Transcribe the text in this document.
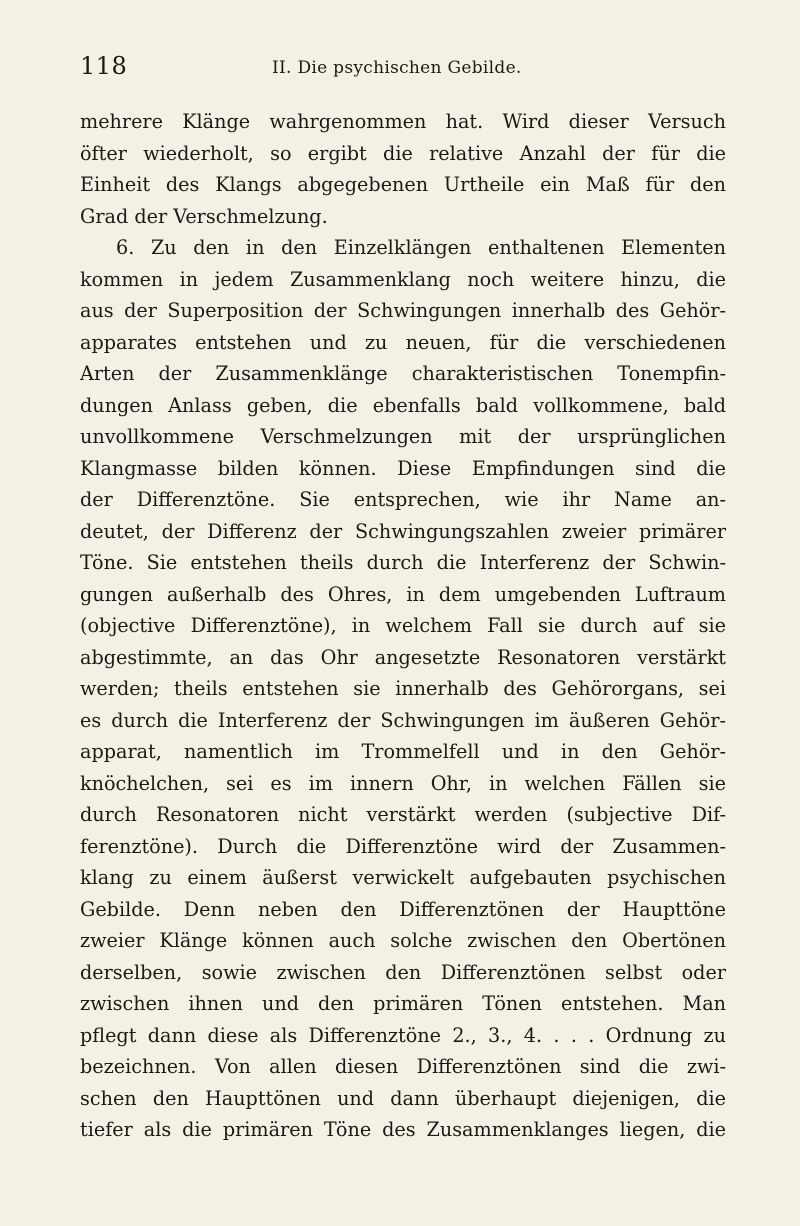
118	II. Die psychischen Gebilde.
mehrere Klänge wahrgenommen hat. Wird dieser Versuch
öfter wiederholt, so ergibt die relative Anzahl der für die
Einheit des Klangs abgegebenen Urtheile ein Maß für den
Grad der Verschmelzung.
6. Zu den in den Einzelklängen enthaltenen Elementen
kommen in jedem Zusammenklang noch weitere hinzu, die
aus der Superposition der Schwingungen innerhalb des Gehör-
apparates entstehen und zu neuen, für die verschiedenen
Arten der Zusammenklänge charakteristischen Tonempfin-
dungen Anlass geben, die ebenfalls bald vollkommene, bald
unvollkommene Verschmelzungen mit der ursprünglichen
Klangmasse bilden können. Diese Empfindungen sind die
der Differenztöne. Sie entsprechen, wie ihr Name an-
deutet, der Differenz der Schwingungszahlen zweier primärer
Töne. Sie entstehen theils durch die Interferenz der Schwin-
gungen außerhalb des Ohres, in dem umgebenden Luftraum
(objective Differenztöne), in welchem Fall sie durch auf sie
abgestimmte, an das Ohr angesetzte Resonatoren verstärkt
werden; theils entstehen sie innerhalb des Gehörorgans, sei
es durch die Interferenz der Schwingungen im äußeren Gehör-
apparat, namentlich im Trommelfell und in den Gehör-
knöchelchen, sei es im innern Ohr, in welchen Fällen sie
durch Resonatoren nicht verstärkt werden (subjective Dif-
ferenztöne). Durch die Differenztöne wird der Zusammen-
klang zu einem äußerst verwickelt aufgebauten psychischen
Gebilde. Denn neben den Differenztönen der Haupttöne
zweier Klänge können auch solche zwischen den Obertönen
derselben, sowie zwischen den Differenztönen selbst oder
zwischen ihnen und den primären Tönen entstehen. Man
pflegt dann diese als Differenztöne 2., 3., 4. . . . Ordnung zu
bezeichnen. Von allen diesen Differenztönen sind die zwi-
schen den Haupttönen und dann überhaupt diejenigen, die
tiefer als die primären Töne des Zusammenklanges liegen, die
